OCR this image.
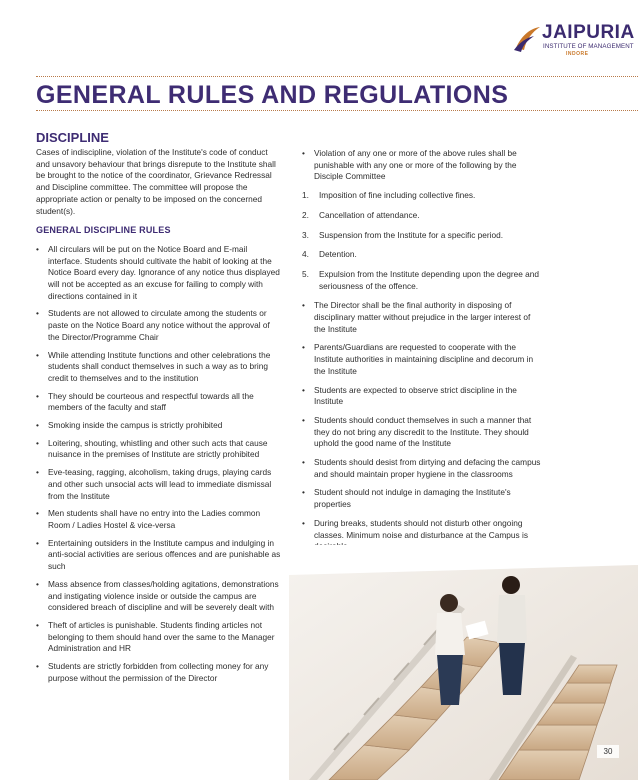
JAIPURIA
INSTITUTE OF MANAGEMENT
INDORE
GENERAL RULES AND REGULATIONS
DISCIPLINE

Cases of indiscipline, violation of the Institute's code of conduct and unsavory behaviour that brings disrepute to the Institute shall be brought to the notice of the coordinator, Grievance Redressal and Discipline committee. The committee will propose the appropriate action or penalty to be imposed on the concerned student(s).

GENERAL DISCIPLINE RULES
• All circulars will be put on the Notice Board and E-mail interface. Students should cultivate the habit of looking at the Notice Board every day. Ignorance of any notice thus displayed will not be accepted as an excuse for failing to comply with directions contained in it
• Students are not allowed to circulate among the students or paste on the Notice Board any notice without the approval of the Director/Programme Chair
• While attending Institute functions and other celebrations the students shall conduct themselves in such a way as to bring credit to themselves and to the institution
• They should be courteous and respectful towards all the members of the faculty and staff
• Smoking inside the campus is strictly prohibited
• Loitering, shouting, whistling and other such acts that cause nuisance in the premises of Institute are strictly prohibited
• Eve-teasing, ragging, alcoholism, taking drugs, playing cards and other such unsocial acts will lead to immediate dismissal from the Institute
• Men students shall have no entry into the Ladies common Room / Ladies Hostel & vice-versa
• Entertaining outsiders in the Institute campus and indulging in anti-social activities are serious offences and are punishable as such
• Mass absence from classes/holding agitations, demonstrations and instigating violence inside or outside the campus are considered breach of discipline and will be severely dealt with
• Theft of articles is punishable. Students finding articles not belonging to them should hand over the same to the Manager Administration and HR
• Students are strictly forbidden from collecting money for any purpose without the permission of the Director
• Violation of any one or more of the above rules shall be punishable with any one or more of the following by the Disciple Committee
1.	Imposition of fine including collective fines.
2.	Cancellation of attendance.
3.	Suspension from the Institute for a specific period.
4.	Detention.
5.	Expulsion from the Institute depending upon the degree and seriousness of the offence.
• The Director shall be the final authority in disposing of disciplinary matter without prejudice in the larger interest of the Institute
• Parents/Guardians are requested to cooperate with the Institute authorities in maintaining discipline and decorum in the Institute
• Students are expected to observe strict discipline in the Institute
• Students should conduct themselves in such a manner that they do not bring any discredit to the Institute. They should uphold the good name of the Institute
• Students should desist from dirtying and defacing the campus and should maintain proper hygiene in the classrooms
• Student should not indulge in damaging the Institute's properties
• During breaks, students should not disturb other ongoing classes. Minimum noise and disturbance at the Campus is
30
